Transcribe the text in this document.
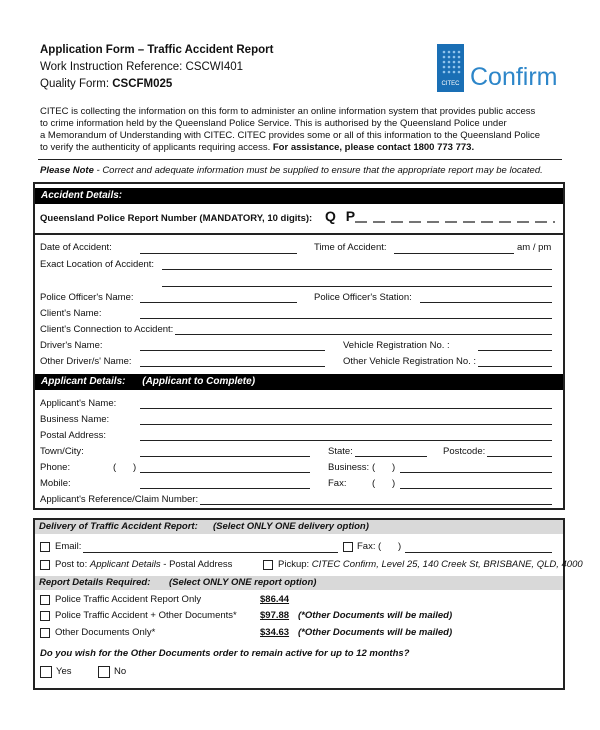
Application Form – Traffic Accident Report
Work Instruction Reference: CSCWI401
Quality Form: CSCFM025	CITEC Confirm
CITEC is collecting the information on this form to administer an online information system that provides public access
to crime information held by the Queensland Police Service. This is authorised by the Queensland Police under
a Memorandum of Understanding with CITEC. CITEC provides some or all of this information to the Queensland Police
to verify the authenticity of applicants requiring access. For assistance, please contact 1800 773 773.
Please Note - Correct and adequate information must be supplied to ensure that the appropriate report may be located.
Accident Details:
Queensland Police Report Number (MANDATORY, 10 digits): Q P
Date of Accident:	Time of Accident:	am / pm
Exact Location of Accident:
Police Officer's Name:	Police Officer's Station:
Client's Name:
Client's Connection to Accident:
Driver's Name:	Vehicle Registration No. :
Other Driver/s' Name:	Other Vehicle Registration No. :
Applicant Details: (Applicant to Complete)
Applicant's Name:
Business Name:
Postal Address:
Town/City:	State:	Postcode:
Phone:	( )	Business: ( )
Mobile:	Fax:	( )
Applicant's Reference/Claim Number:
Delivery of Traffic Accident Report: (Select ONLY ONE delivery option)
Email:	Fax: ( )
Post to: Applicant Details - Postal Address	Pickup: CITEC Confirm, Level 25, 140 Creek St, BRISBANE, QLD, 4000
Report Details Required: (Select ONLY ONE report option)
Police Traffic Accident Report Only	$86.44
Police Traffic Accident + Other Documents* $97.88 (*Other Documents will be mailed)
Other Documents Only*	$34.63 (*Other Documents will be mailed)
Do you wish for the Other Documents order to remain active for up to 12 months?
Yes	No
